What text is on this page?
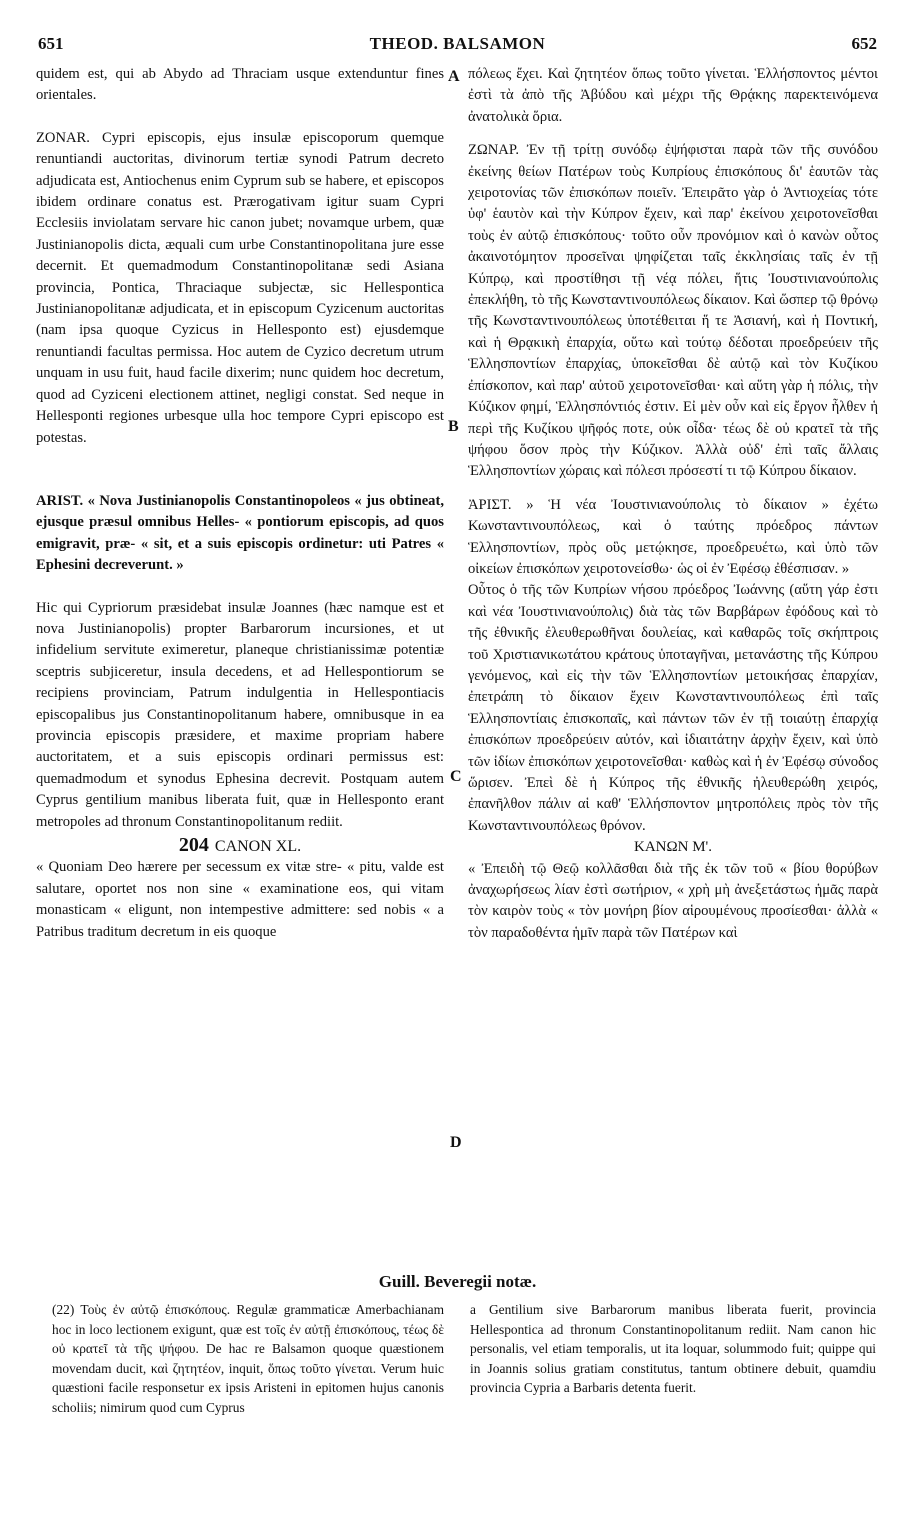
651	THEOD. BALSAMON	652
A
B
C
D

quidem est, qui ab Abydo ad Thraciam usque extenduntur fines orientales.

ZONAR. Cypri episcopis, ejus insulæ episcoporum quemque renuntiandi auctoritas, divinorum tertiæ synodi Patrum decreto adjudicata est, Antiochenus enim Cyprum sub se habere, et episcopos ibidem ordinare conatus est. Prærogativam igitur suam Cypri Ecclesiis inviolatam servare hic canon jubet; novamque urbem, quæ Justinianopolis dicta, æquali cum urbe Constantinopolitana jure esse decernit. Et quemadmodum Constantinopolitanæ sedi Asiana provincia, Pontica, Thraciaque subjectæ, sic Hellespontica Justinianopolitanæ adjudicata, et in episcopum Cyzicenum auctoritas (nam ipsa quoque Cyzicus in Hellesponto est) ejusdemque renuntiandi facultas permissa. Hoc autem de Cyzico decretum utrum unquam in usu fuit, haud facile dixerim; nunc quidem hoc decretum, quod ad Cyziceni electionem attinet, negligi constat. Sed neque in Hellesponti regiones urbesque ulla hoc tempore Cypri episcopo est potestas.

ARIST. « Nova Justinianopolis Constantinopoleos « jus obtineat, ejusque præsul omnibus Helles- « pontiorum episcopis, ad quos emigravit, præ- « sit, et a suis episcopis ordinetur: uti Patres « Ephesini decreverunt. »

Hic qui Cypriorum præsidebat insulæ Joannes (hæc namque est et nova Justinianopolis) propter Barbarorum incursiones, et ut infidelium servitute eximeretur, planeque christianissimæ potentiæ sceptris subjiceretur, insula decedens, et ad Hellespontiorum se recipiens provinciam, Patrum indulgentia in Hellespontiacis episcopalibus jus Constantinopolitanum habere, omnibusque in ea provincia episcopis præsidere, et maxime propriam habere auctoritatem, et a suis episcopis ordinari permissus est: quemadmodum et synodus Ephesina decrevit. Postquam autem Cyprus gentilium manibus liberata fuit, quæ in Hellesponto erant metropoles ad thronum Constantinopolitanum rediit.

204 CANON XL.

« Quoniam Deo hærere per secessum ex vitæ stre- « pitu, valde est salutare, oportet nos non sine « examinatione eos, qui vitam monasticam « eligunt, non intempestive admittere: sed nobis « a Patribus traditum decretum in eis quoque

πόλεως ἔχει. Καὶ ζητητέον ὅπως τοῦτο γίνεται. Ἑλλήσποντος μέντοι ἐστὶ τὰ ἀπὸ τῆς Ἀβύδου καὶ μέχρι τῆς Θρᾴκης παρεκτεινόμενα ἀνατολικὰ ὅρια.

ΖΩΝΑΡ. Ἐν τῇ τρίτῃ συνόδῳ ἐψήφισται παρὰ τῶν τῆς συνόδου ἐκείνης θείων Πατέρων τοὺς Κυπρίους ἐπισκόπους δι' ἑαυτῶν τὰς χειροτονίας τῶν ἐπισκόπων ποιεῖν. Ἐπειρᾶτο γὰρ ὁ Ἀντιοχείας τότε ὑφ' ἑαυτὸν καὶ τὴν Κύπρον ἔχειν, καὶ παρ' ἐκείνου χειροτονεῖσθαι τοὺς ἐν αὐτῷ ἐπισκόπους· τοῦτο οὖν προνόμιον καὶ ὁ κανὼν οὗτος ἀκαινοτόμητον προσεῖναι ψηφίζεται ταῖς ἐκκλησίαις ταῖς ἐν τῇ Κύπρῳ, καὶ προστίθησι τῇ νέᾳ πόλει, ἥτις Ἰουστινιανούπολις ἐπεκλήθη, τὸ τῆς Κωνσταντινουπόλεως δίκαιον. Καὶ ὥσπερ τῷ θρόνῳ τῆς Κωνσταντινουπόλεως ὑποτέθειται ἥ τε Ἀσιανή, καὶ ἡ Ποντική, καὶ ἡ Θρᾳκικὴ ἐπαρχία, οὕτω καὶ τούτῳ δέδοται προεδρεύειν τῆς Ἑλλησποντίων ἐπαρχίας, ὑποκεῖσθαι δὲ αὐτῷ καὶ τὸν Κυζίκου ἐπίσκοπον, καὶ παρ' αὐτοῦ χειροτονεῖσθαι· καὶ αὕτη γὰρ ἡ πόλις, τὴν Κύζικον φημί, Ἑλλησπόντιός ἐστιν. Εἰ μὲν οὖν καὶ εἰς ἔργον ἦλθεν ἡ περὶ τῆς Κυζίκου ψῆφός ποτε, οὐκ οἶδα· τέως δὲ οὐ κρατεῖ τὰ τῆς ψήφου ὅσον πρὸς τὴν Κύζικον. Ἀλλὰ οὐδ' ἐπὶ ταῖς ἄλλαις Ἑλλησποντίων χώραις καὶ πόλεσι πρόσεστί τι τῷ Κύπρου δίκαιον.

ἈΡΙΣΤ. » Ἡ νέα Ἰουστινιανούπολις τὸ δίκαιον » ἐχέτω Κωνσταντινουπόλεως, καὶ ὁ ταύτης πρόεδρος πάντων Ἑλλησποντίων, πρὸς οὓς μετῴκησε, προεδρευέτω, καὶ ὑπὸ τῶν οἰκείων ἐπισκόπων χειροτονείσθω· ὡς οἱ ἐν Ἐφέσῳ ἐθέσπισαν. »

Οὗτος ὁ τῆς τῶν Κυπρίων νήσου πρόεδρος Ἰωάννης (αὕτη γάρ ἐστι καὶ νέα Ἰουστινιανούπολις) διὰ τὰς τῶν Βαρβάρων ἐφόδους καὶ τὸ τῆς ἐθνικῆς ἐλευθερωθῆναι δουλείας, καὶ καθαρῶς τοῖς σκήπτροις τοῦ Χριστιανικωτάτου κράτους ὑποταγῆναι, μετανάστης τῆς Κύπρου γενόμενος, καὶ εἰς τὴν τῶν Ἑλλησποντίων μετοικήσας ἐπαρχίαν, ἐπετράπη τὸ δίκαιον ἔχειν Κωνσταντινουπόλεως ἐπὶ ταῖς Ἑλλησποντίαις ἐπισκοπαῖς, καὶ πάντων τῶν ἐν τῇ τοιαύτῃ ἐπαρχίᾳ ἐπισκόπων προεδρεύειν αὐτόν, καὶ ἰδιαιτάτην ἀρχὴν ἔχειν, καὶ ὑπὸ τῶν ἰδίων ἐπισκόπων χειροτονεῖσθαι· καθὼς καὶ ἡ ἐν Ἐφέσῳ σύνοδος ὥρισεν. Ἐπεὶ δὲ ἡ Κύπρος τῆς ἐθνικῆς ἠλευθερώθη χειρός, ἐπανῆλθον πάλιν αἱ καθ' Ἑλλήσποντον μητροπόλεις πρὸς τὸν τῆς Κωνσταντινουπόλεως θρόνον.

ΚΑΝΩΝ Μ'.

« Ἐπειδὴ τῷ Θεῷ κολλᾶσθαι διὰ τῆς ἐκ τῶν τοῦ « βίου θορύβων ἀναχωρήσεως λίαν ἐστὶ σωτήριον, « χρὴ μὴ ἀνεξετάστως ἡμᾶς παρὰ τὸν καιρὸν τοὺς « τὸν μονήρη βίον αἱρουμένους προσίεσθαι· ἀλλὰ « τὸν παραδοθέντα ἡμῖν παρὰ τῶν Πατέρων καὶ

Guill. Beveregii notæ.

(22) Τοὺς ἐν αὐτῷ ἐπισκόπους. Regulæ grammaticæ Amerbachianam hoc in loco lectionem exigunt, quæ est τοῖς ἐν αὐτῇ ἐπισκόπους, τέως δὲ οὐ κρατεῖ τὰ τῆς ψήφου. De hac re Balsamon quoque quæstionem movendam ducit, καὶ ζητητέον, inquit, ὅπως τοῦτο γίνεται. Verum huic quæstioni facile responsetur ex ipsis Aristeni in epitomen hujus canonis scholiis; nimirum quod cum Cyprus

a Gentilium sive Barbarorum manibus liberata fuerit, provincia Hellespontica ad thronum Constantinopolitanum rediit. Nam canon hic personalis, vel etiam temporalis, ut ita loquar, solummodo fuit; quippe qui in Joannis solius gratiam constitutus, tantum obtinere debuit, quamdiu provincia Cypria a Barbaris detenta fuerit.
